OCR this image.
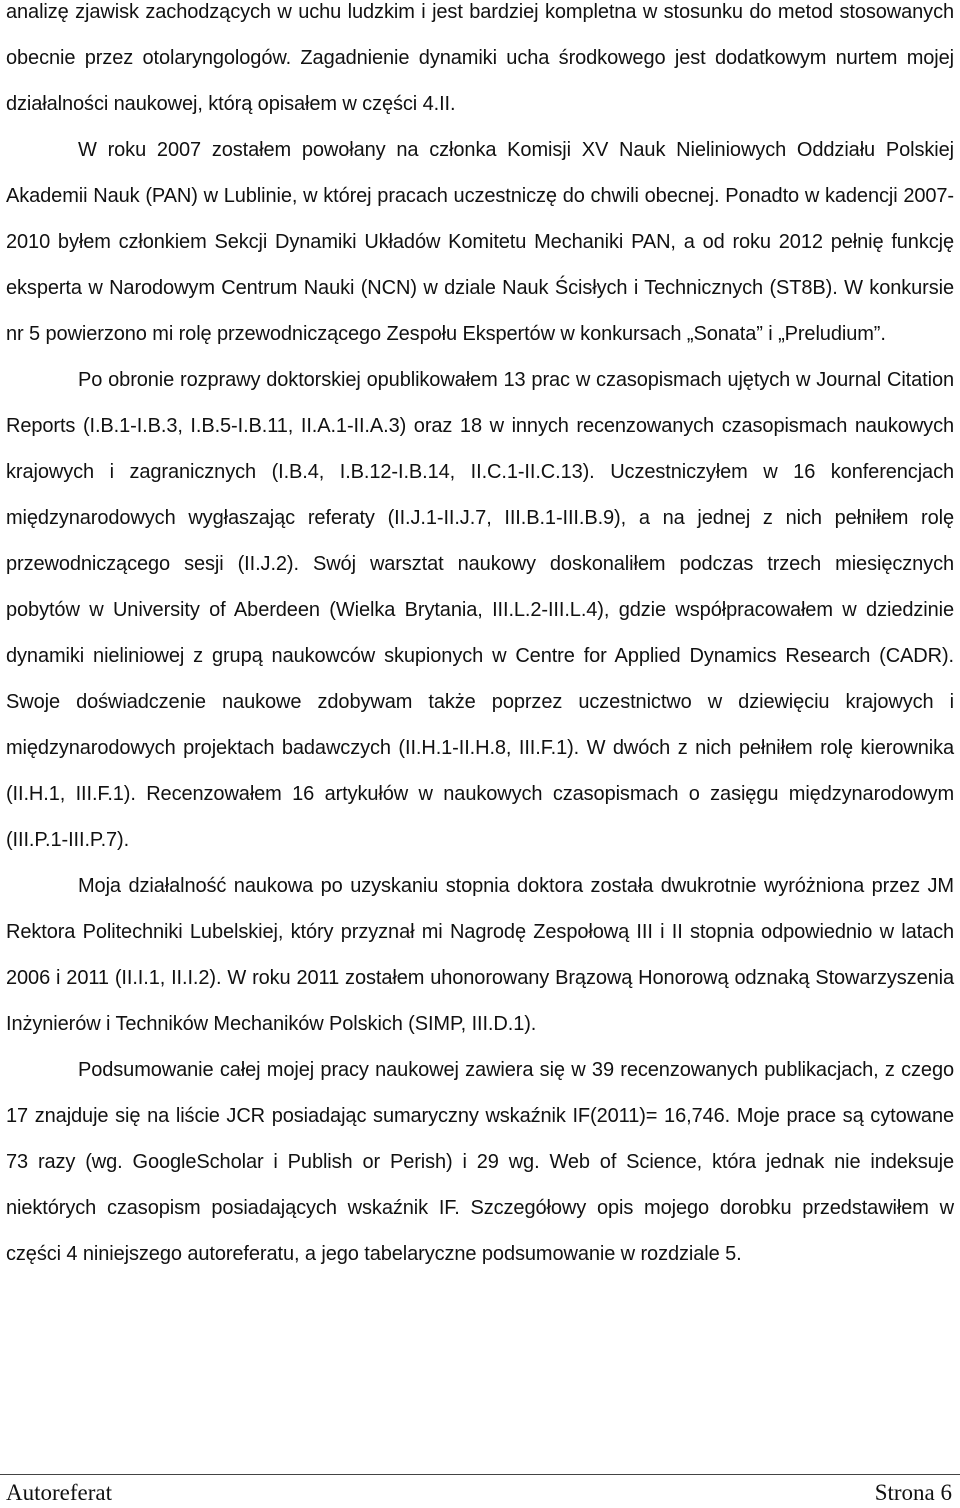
analizę zjawisk zachodzących w uchu ludzkim i jest bardziej kompletna w stosunku do metod stosowanych obecnie przez otolaryngologów. Zagadnienie dynamiki ucha środkowego jest dodatkowym nurtem mojej działalności naukowej, którą opisałem w części 4.II.

W roku 2007 zostałem powołany na członka Komisji XV Nauk Nieliniowych Oddziału Polskiej Akademii Nauk (PAN) w Lublinie, w której pracach uczestniczę do chwili obecnej. Ponadto w kadencji 2007-2010 byłem członkiem Sekcji Dynamiki Układów Komitetu Mechaniki PAN, a od roku 2012 pełnię funkcję eksperta w Narodowym Centrum Nauki (NCN) w dziale Nauk Ścisłych i Technicznych (ST8B). W konkursie nr 5 powierzono mi rolę przewodniczącego Zespołu Ekspertów w konkursach „Sonata” i „Preludium”.

Po obronie rozprawy doktorskiej opublikowałem 13 prac w czasopismach ujętych w Journal Citation Reports (I.B.1-I.B.3, I.B.5-I.B.11, II.A.1-II.A.3) oraz 18 w innych recenzowanych czasopismach naukowych krajowych i zagranicznych (I.B.4, I.B.12-I.B.14, II.C.1-II.C.13). Uczestniczyłem w 16 konferencjach międzynarodowych wygłaszając referaty (II.J.1-II.J.7, III.B.1-III.B.9), a na jednej z nich pełniłem rolę przewodniczącego sesji (II.J.2). Swój warsztat naukowy doskonaliłem podczas trzech miesięcznych pobytów w University of Aberdeen (Wielka Brytania, III.L.2-III.L.4), gdzie współpracowałem w dziedzinie dynamiki nieliniowej z grupą naukowców skupionych w Centre for Applied Dynamics Research (CADR). Swoje doświadczenie naukowe zdobywam także poprzez uczestnictwo w dziewięciu krajowych i międzynarodowych projektach badawczych (II.H.1-II.H.8, III.F.1). W dwóch z nich pełniłem rolę kierownika (II.H.1, III.F.1). Recenzowałem 16 artykułów w naukowych czasopismach o zasięgu międzynarodowym (III.P.1-III.P.7).

Moja działalność naukowa po uzyskaniu stopnia doktora została dwukrotnie wyróżniona przez JM Rektora Politechniki Lubelskiej, który przyznał mi Nagrodę Zespołową III i II stopnia odpowiednio w latach 2006 i 2011 (II.I.1, II.I.2). W roku 2011 zostałem uhonorowany Brązową Honorową odznaką Stowarzyszenia Inżynierów i Techników Mechaników Polskich (SIMP, III.D.1).

Podsumowanie całej mojej pracy naukowej zawiera się w 39 recenzowanych publikacjach, z czego 17 znajduje się na liście JCR posiadając sumaryczny wskaźnik IF(2011)= 16,746. Moje prace są cytowane 73 razy (wg. GoogleScholar i Publish or Perish) i 29 wg. Web of Science, która jednak nie indeksuje niektórych czasopism posiadających wskaźnik IF. Szczegółowy opis mojego dorobku przedstawiłem w części 4 niniejszego autoreferatu, a jego tabelaryczne podsumowanie w rozdziale 5.

Autoreferat	Strona 6
